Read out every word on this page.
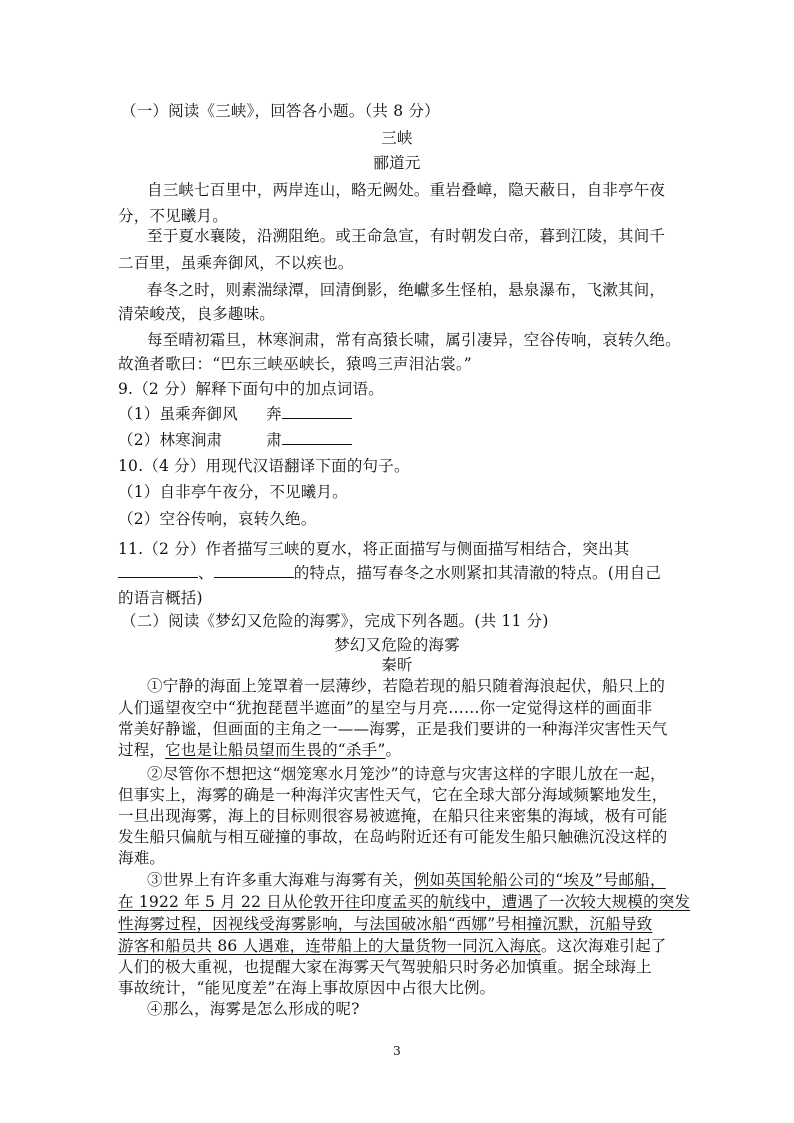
（一）阅读《三峡》，回答各小题。（共 8 分）
三峡
郦道元
自三峡七百里中，两岸连山，略无阙处。重岩叠嶂，隐天蔽日，自非亭午夜
分，不见曦月。
至于夏水襄陵，沿溯阻绝。或王命急宣，有时朝发白帝，暮到江陵，其间千
二百里，虽乘奔御风，不以疾也。
春冬之时，则素湍绿潭，回清倒影，绝巘多生怪柏，悬泉瀑布，飞漱其间，
清荣峻茂，良多趣味。
每至晴初霜旦，林寒涧肃，常有高猿长啸，属引凄异，空谷传响，哀转久绝。
故渔者歌曰：“巴东三峡巫峡长，猿鸣三声泪沾裳。”
9.（2 分）解释下面句中的加点词语。
（1）虽乘奔御风 奔
（2）林寒涧肃	肃
10.（4 分）用现代汉语翻译下面的句子。
（1）自非亭午夜分，不见曦月。
（2）空谷传响，哀转久绝。
11.（2 分）作者描写三峡的夏水，将正面描写与侧面描写相结合，突出其
、	的特点，描写春冬之水则紧扣其清澈的特点。(用自己
的语言概括)
（二）阅读《梦幻又危险的海雾》，完成下列各题。(共 11 分)
梦幻又危险的海雾
秦昕
①宁静的海面上笼罩着一层薄纱，若隐若现的船只随着海浪起伏，船只上的
人们遥望夜空中“犹抱琵琶半遮面”的星空与月亮……你一定觉得这样的画面非
常美好静谧，但画面的主角之一——海雾，正是我们要讲的一种海洋灾害性天气
过程，它也是让船员望而生畏的“杀手”。
②尽管你不想把这“烟笼寒水月笼沙”的诗意与灾害这样的字眼儿放在一起，
但事实上，海雾的确是一种海洋灾害性天气，它在全球大部分海域频繁地发生，
一旦出现海雾，海上的目标则很容易被遮掩，在船只往来密集的海域，极有可能
发生船只偏航与相互碰撞的事故，在岛屿附近还有可能发生船只触礁沉没这样的
海难。
③世界上有许多重大海难与海雾有关，例如英国轮船公司的“埃及”号邮船，
在 1922 年 5 月 22 日从伦敦开往印度孟买的航线中，遭遇了一次较大规模的突发
性海雾过程，因视线受海雾影响，与法国破冰船“西娜”号相撞沉默，沉船导致
游客和船员共 86 人遇难，连带船上的大量货物一同沉入海底。这次海难引起了
人们的极大重视，也提醒大家在海雾天气驾驶船只时务必加慎重。据全球海上
事故统计，“能见度差”在海上事故原因中占很大比例。
④那么，海雾是怎么形成的呢?
3
